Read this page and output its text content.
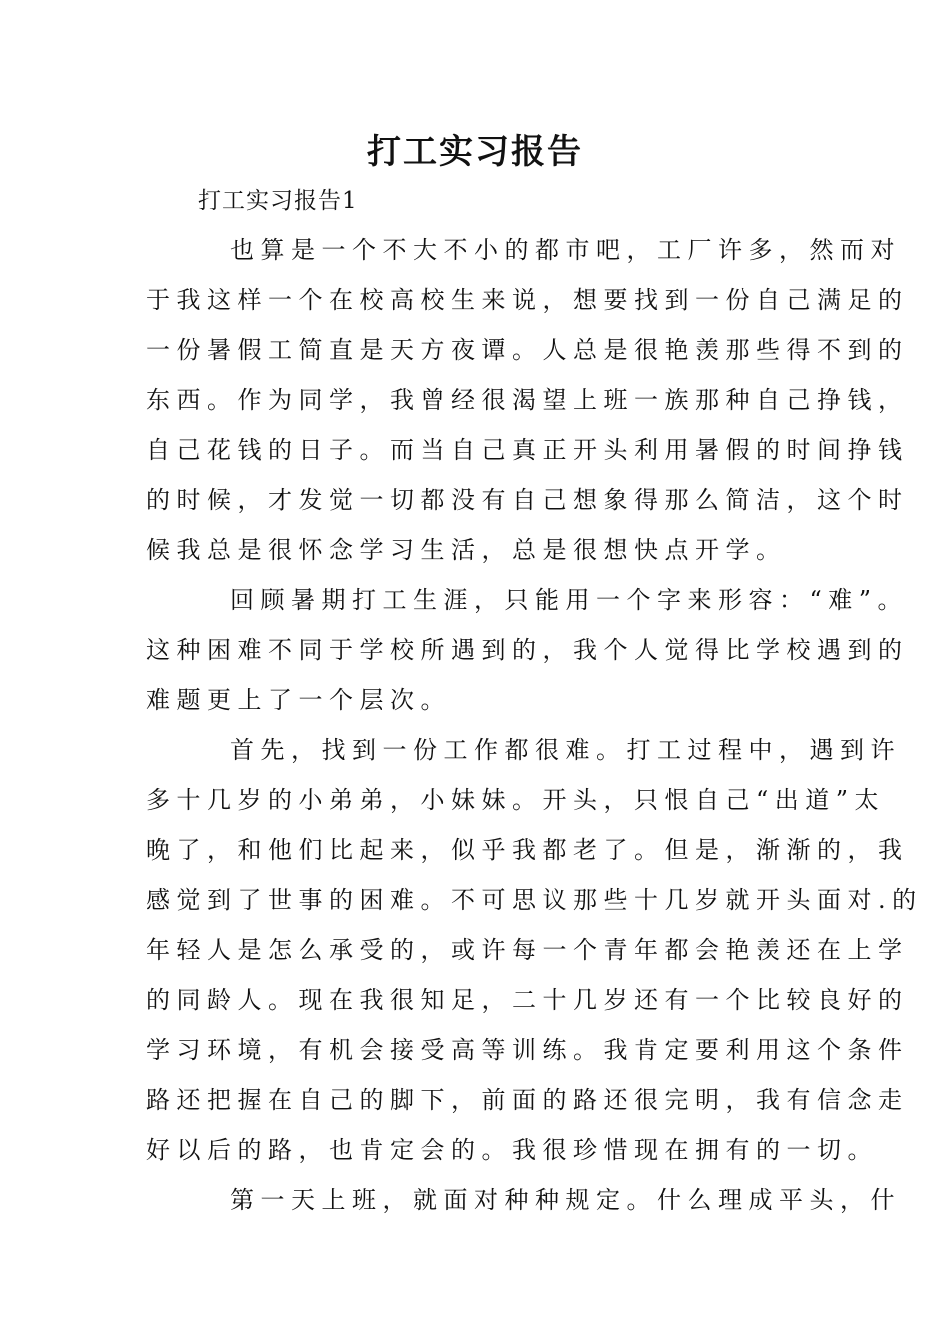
打工实习报告
打工实习报告1
也算是一个不大不小的都市吧，工厂许多，然而对
于我这样一个在校高校生来说，想要找到一份自己满足的
一份暑假工简直是天方夜谭。人总是很艳羡那些得不到的
东西。作为同学，我曾经很渴望上班一族那种自己挣钱，
自己花钱的日子。而当自己真正开头利用暑假的时间挣钱
的时候，才发觉一切都没有自己想象得那么简洁，这个时
候我总是很怀念学习生活，总是很想快点开学。
回顾暑期打工生涯，只能用一个字来形容：“难”。
这种困难不同于学校所遇到的，我个人觉得比学校遇到的
难题更上了一个层次。
首先，找到一份工作都很难。打工过程中，遇到许
多十几岁的小弟弟，小妹妹。开头，只恨自己“出道”太
晚了，和他们比起来，似乎我都老了。但是，渐渐的，我
感觉到了世事的困难。不可思议那些十几岁就开头面对.的
年轻人是怎么承受的，或许每一个青年都会艳羡还在上学
的同龄人。现在我很知足，二十几岁还有一个比较良好的
学习环境，有机会接受高等训练。我肯定要利用这个条件
路还把握在自己的脚下，前面的路还很完明，我有信念走
好以后的路，也肯定会的。我很珍惜现在拥有的一切。
第一天上班，就面对种种规定。什么理成平头，什
